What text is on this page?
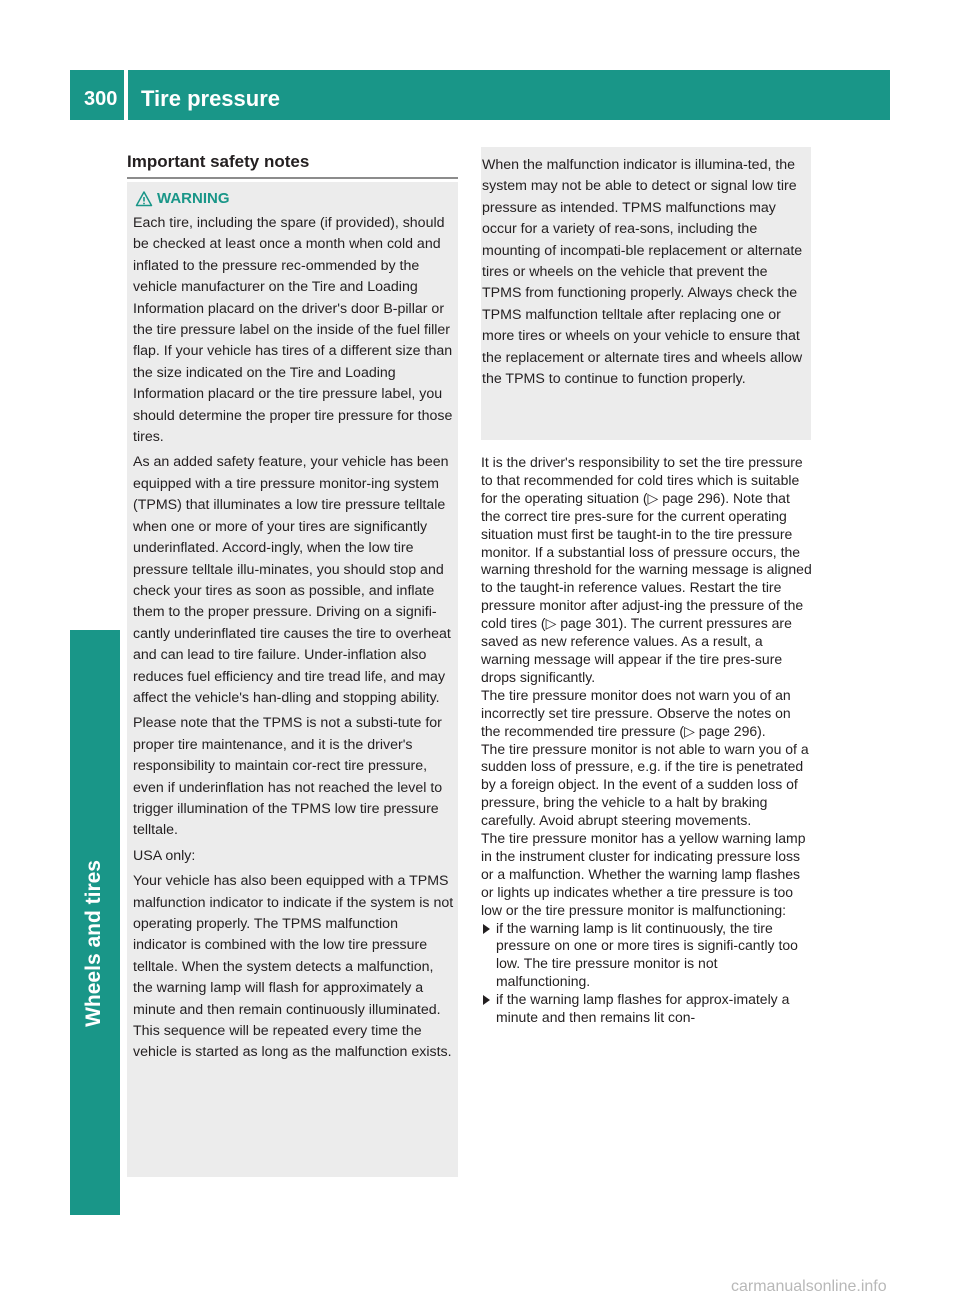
300 Tire pressure
Wheels and tires
Important safety notes
WARNING

Each tire, including the spare (if provided), should be checked at least once a month when cold and inflated to the pressure rec-ommended by the vehicle manufacturer on the Tire and Loading Information placard on the driver's door B-pillar or the tire pressure label on the inside of the fuel filler flap. If your vehicle has tires of a different size than the size indicated on the Tire and Loading Information placard or the tire pressure label, you should determine the proper tire pressure for those tires.

As an added safety feature, your vehicle has been equipped with a tire pressure monitor-ing system (TPMS) that illuminates a low tire pressure telltale when one or more of your tires are significantly underinflated. Accord-ingly, when the low tire pressure telltale illu-minates, you should stop and check your tires as soon as possible, and inflate them to the proper pressure. Driving on a signifi-cantly underinflated tire causes the tire to overheat and can lead to tire failure. Under-inflation also reduces fuel efficiency and tire tread life, and may affect the vehicle's han-dling and stopping ability.

Please note that the TPMS is not a substi-tute for proper tire maintenance, and it is the driver's responsibility to maintain cor-rect tire pressure, even if underinflation has not reached the level to trigger illumination of the TPMS low tire pressure telltale.

USA only:

Your vehicle has also been equipped with a TPMS malfunction indicator to indicate if the system is not operating properly. The TPMS malfunction indicator is combined with the low tire pressure telltale. When the system detects a malfunction, the warning lamp will flash for approximately a minute and then remain continuously illuminated. This sequence will be repeated every time the vehicle is started as long as the malfunction exists.

When the malfunction indicator is illumina-ted, the system may not be able to detect or signal low tire pressure as intended. TPMS malfunctions may occur for a variety of rea-sons, including the mounting of incompati-ble replacement or alternate tires or wheels on the vehicle that prevent the TPMS from functioning properly. Always check the TPMS malfunction telltale after replacing one or more tires or wheels on your vehicle to ensure that the replacement or alternate tires and wheels allow the TPMS to continue to function properly.

It is the driver's responsibility to set the tire pressure to that recommended for cold tires which is suitable for the operating situation (▷ page 296). Note that the correct tire pres-sure for the current operating situation must first be taught-in to the tire pressure monitor. If a substantial loss of pressure occurs, the warning threshold for the warning message is aligned to the taught-in reference values. Restart the tire pressure monitor after adjust-ing the pressure of the cold tires (▷ page 301). The current pressures are saved as new reference values. As a result, a warning message will appear if the tire pres-sure drops significantly.

The tire pressure monitor does not warn you of an incorrectly set tire pressure. Observe the notes on the recommended tire pressure (▷ page 296).

The tire pressure monitor is not able to warn you of a sudden loss of pressure, e.g. if the tire is penetrated by a foreign object. In the event of a sudden loss of pressure, bring the vehicle to a halt by braking carefully. Avoid abrupt steering movements.

The tire pressure monitor has a yellow warning lamp in the instrument cluster for indicating pressure loss or a malfunction. Whether the warning lamp flashes or lights up indicates whether a tire pressure is too low or the tire pressure monitor is malfunctioning:

if the warning lamp is lit continuously, the tire pressure on one or more tires is signifi-cantly too low. The tire pressure monitor is not malfunctioning.

if the warning lamp flashes for approx-imately a minute and then remains lit con-

carmanualsonline.info
